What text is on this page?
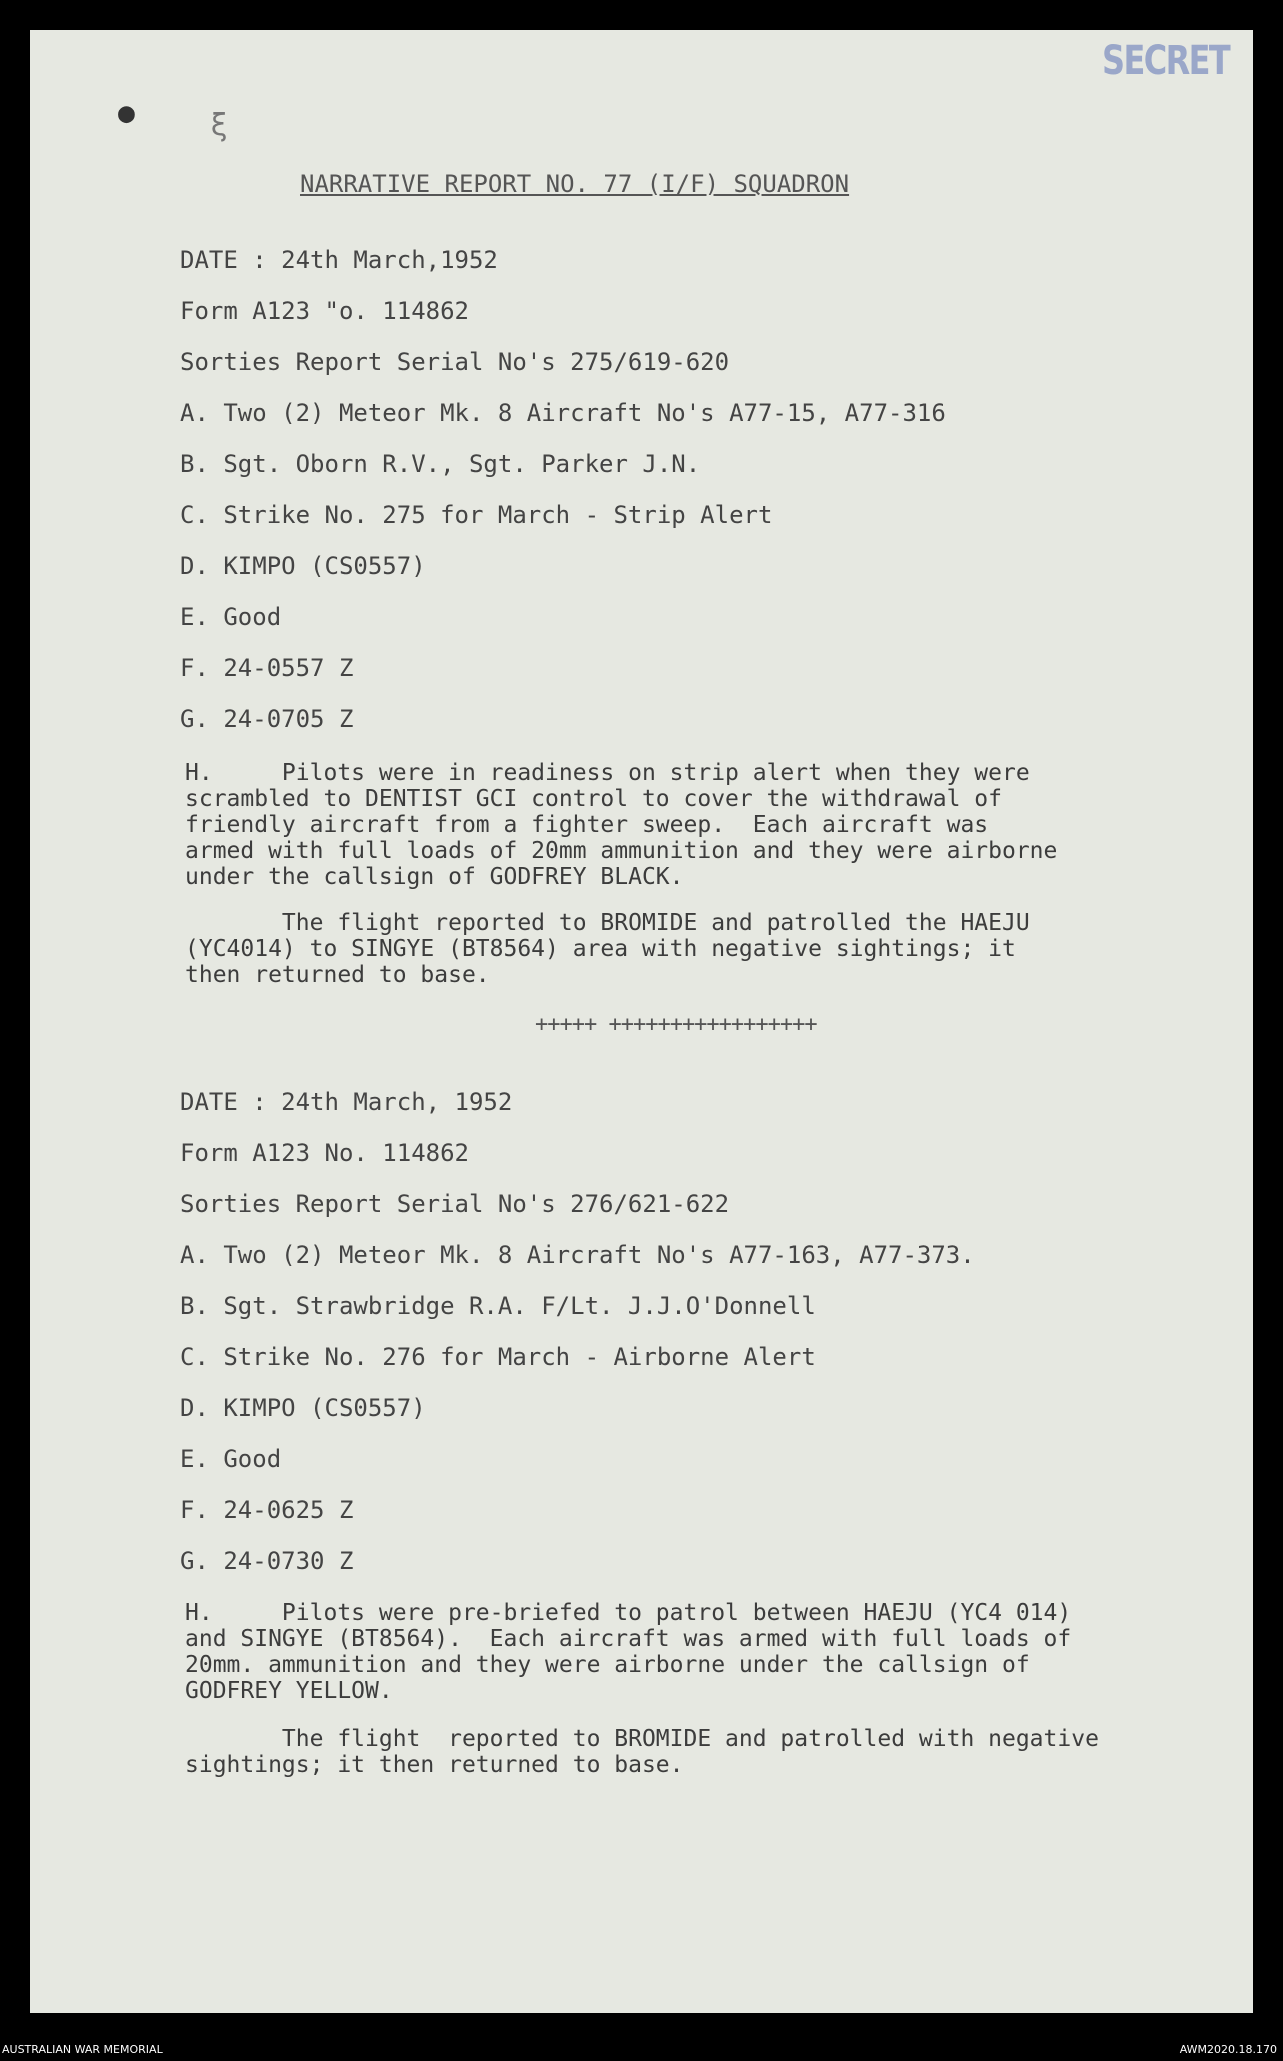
SECRET
●	ξ
NARRATIVE REPORT NO. 77 (I/F) SQUADRON
DATE : 24th March,1952
Form A123 "o. 114862
Sorties Report Serial No's 275/619-620
A. Two (2) Meteor Mk. 8 Aircraft No's A77-15, A77-316
B. Sgt. Oborn R.V., Sgt. Parker J.N.
C. Strike No. 275 for March - Strip Alert
D. KIMPO (CS0557)
E. Good
F. 24-0557 Z
G. 24-0705 Z
H.     Pilots were in readiness on strip alert when they were
scrambled to DENTIST GCI control to cover the withdrawal of
friendly aircraft from a fighter sweep.  Each aircraft was
armed with full loads of 20mm ammunition and they were airborne
under the callsign of GODFREY BLACK.
The flight reported to BROMIDE and patrolled the HAEJU
(YC4014) to SINGYE (BT8564) area with negative sightings; it
then returned to base.
+++++ +++++++++++++++++
DATE : 24th March, 1952
Form A123 No. 114862
Sorties Report Serial No's 276/621-622
A. Two (2) Meteor Mk. 8 Aircraft No's A77-163, A77-373.
B. Sgt. Strawbridge R.A. F/Lt. J.J.O'Donnell
C. Strike No. 276 for March - Airborne Alert
D. KIMPO (CS0557)
E. Good
F. 24-0625 Z
G. 24-0730 Z
H.     Pilots were pre-briefed to patrol between HAEJU (YC4 014)
and SINGYE (BT8564).  Each aircraft was armed with full loads of
20mm. ammunition and they were airborne under the callsign of
GODFREY YELLOW.
The flight  reported to BROMIDE and patrolled with negative
sightings; it then returned to base.
AUSTRALIAN WAR MEMORIAL	AWM2020.18.170
